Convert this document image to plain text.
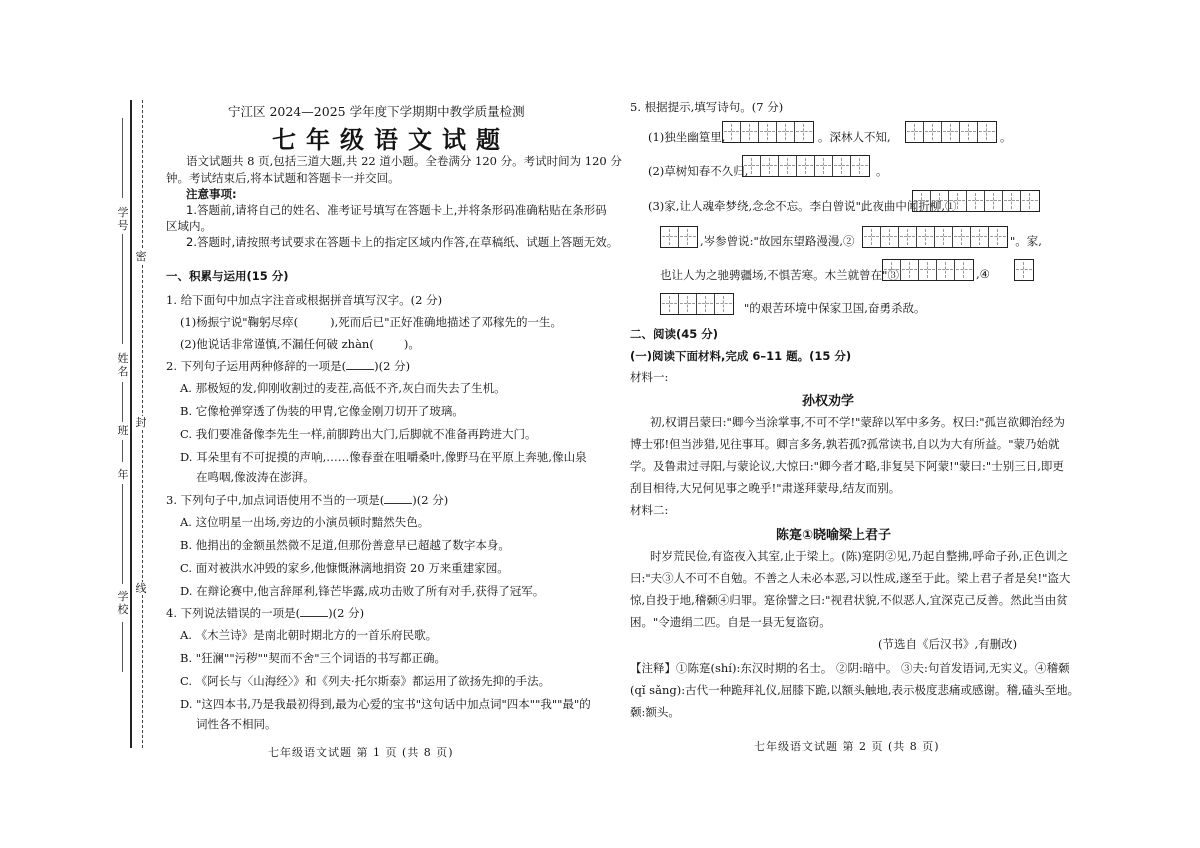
学号
姓名
班
年
学校
密
封
线
宁江区 2024—2025 学年度下学期期中教学质量检测
七年级语文试题
语文试题共 8 页,包括三道大题,共 22 道小题。全卷满分 120 分。考试时间为 120 分
钟。考试结束后,将本试题和答题卡一并交回。
注意事项:
1.答题前,请将自己的姓名、准考证号填写在答题卡上,并将条形码准确粘贴在条形码
区域内。
2.答题时,请按照考试要求在答题卡上的指定区域内作答,在草稿纸、试题上答题无效。
一、积累与运用(15 分)
1. 给下面句中加点字注音或根据拼音填写汉字。(2 分)
(1)杨振宁说"鞠躬尽瘁(	),死而后已"正好准确地描述了邓稼先的一生。
(2)他说话非常谨慎,不漏任何破 zhàn(	)。
2. 下列句子运用两种修辞的一项是( )(2 分)
A. 那极短的发,仰刚收割过的麦茬,高低不齐,灰白而失去了生机。
B. 它像枪弹穿透了伪装的甲胄,它像金刚刀切开了玻璃。
C. 我们要准备像李先生一样,前脚跨出大门,后脚就不准备再跨进大门。
D. 耳朵里有不可捉摸的声响,……像春蚕在咀嚼桑叶,像野马在平原上奔驰,像山泉
在鸣咽,像波涛在澎湃。
3. 下列句子中,加点词语使用不当的一项是( )(2 分)
A. 这位明星一出场,旁边的小演员顿时黯然失色。
B. 他捐出的金额虽然微不足道,但那份善意早已超越了数字本身。
C. 面对被洪水冲毁的家乡,他慷慨淋漓地捐资 20 万来重建家园。
D. 在辩论赛中,他言辞犀利,锋芒毕露,成功击败了所有对手,获得了冠军。
4. 下列说法错误的一项是( )(2 分)
A. 《木兰诗》是南北朝时期北方的一首乐府民歌。
B. "狂澜""污秽""契而不舍"三个词语的书写都正确。
C. 《阿长与〈山海经〉》和《列夫·托尔斯泰》都运用了欲扬先抑的手法。
D. "这四本书,乃是我最初得到,最为心爱的宝书"这句话中加点词"四本""我""最"的
词性各不相同。
七年级语文试题 第 1 页 (共 8 页)
5. 根据提示,填写诗句。(7 分)
(1)独坐幽篁里,	。深林人不知,	。
(2)草树知春不久归,	。
(3)家,让人魂牵梦绕,念念不忘。李白曾说"此夜曲中闻折柳,①
,岑参曾说:"故园东望路漫漫,②	"。家,
也让人为之驰骋疆场,不惧苦寒。木兰就曾在"③	,④
"的艰苦环境中保家卫国,奋勇杀敌。
二、阅读(45 分)
(一)阅读下面材料,完成 6–11 题。(15 分)
材料一:
孙权劝学
初,权谓吕蒙曰:"卿今当涂掌事,不可不学!"蒙辞以军中多务。权曰:"孤岂欲卿治经为
博士邪!但当涉猎,见往事耳。卿言多务,孰若孤?孤常读书,自以为大有所益。"蒙乃始就
学。及鲁肃过寻阳,与蒙论议,大惊曰:"卿今者才略,非复吴下阿蒙!"蒙曰:"士别三日,即更
刮目相待,大兄何见事之晚乎!"肃遂拜蒙母,结友而别。
材料二:
陈寔①晓喻梁上君子
时岁荒民俭,有盗夜入其室,止于梁上。(陈)寔阴②见,乃起自整拂,呼命子孙,正色训之
曰:"夫③人不可不自勉。不善之人未必本恶,习以性成,遂至于此。梁上君子者是矣!"盗大
惊,自投于地,稽颡④归罪。寔徐譬之曰:"视君状貌,不似恶人,宜深克己反善。然此当由贫
困。"令遗绢二匹。自是一县无复盗窃。
(节选自《后汉书》,有删改)
【注释】①陈寔(shí):东汉时期的名士。 ②阴:暗中。 ③夫:句首发语词,无实义。④稽颡
(qǐ sǎng):古代一种跪拜礼仪,屈膝下跪,以额头触地,表示极度悲痛或感谢。稽,磕头至地。
颡:额头。
七年级语文试题 第 2 页 (共 8 页)
